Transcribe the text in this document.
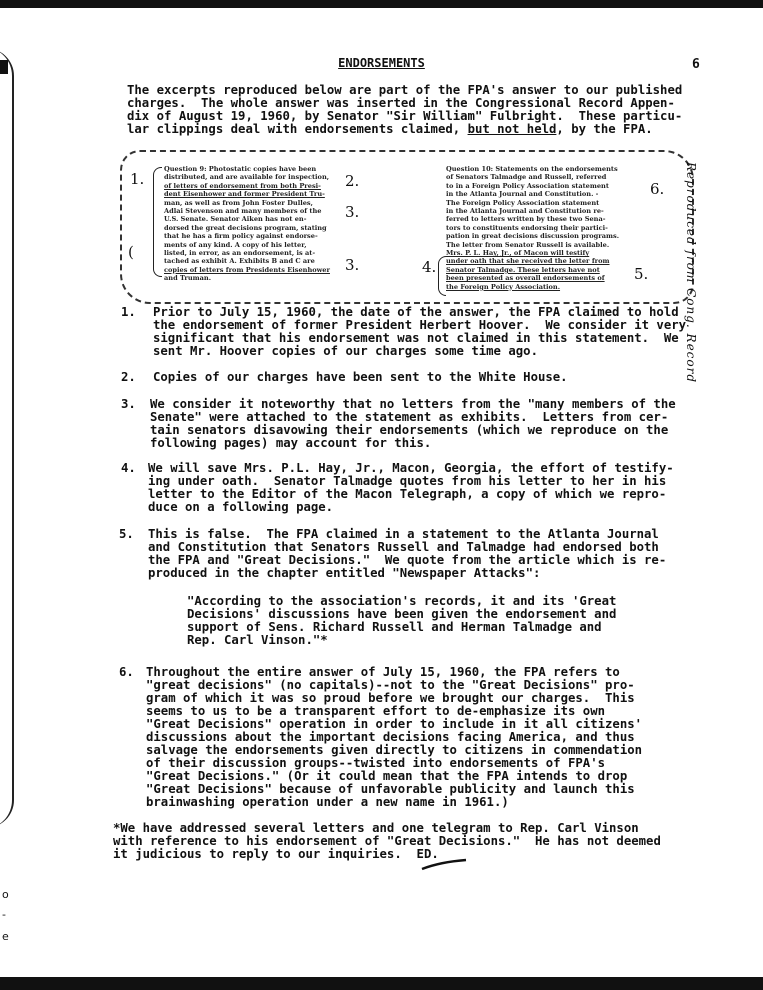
o
-
e
ENDORSEMENTS	6

The excerpts reproduced below are part of the FPA's answer to our published

charges.  The whole answer was inserted in the Congressional Record Appen-

dix of August 19, 1960, by Senator "Sir William" Fulbright.  These particu-

lar clippings deal with endorsements claimed, but not held, by the FPA.

Question 9: Photostatic copies have been

distributed, and are available for inspection,

of letters of endorsement from both Presi-

dent Eisenhower and former President Tru-

man, as well as from John Foster Dulles,

Adlai Stevenson and many members of the

U.S. Senate. Senator Aiken has not en-

dorsed the great decisions program, stating

that he has a firm policy against endorse-

ments of any kind. A copy of his letter,

listed, in error, as an endorsement, is at-

tached as exhibit A. Exhibits B and C are

copies of letters from Presidents Eisenhower

and Truman.

Question 10: Statements on the endorsements

of Senators Talmadge and Russell, referred

to in a Foreign Policy Association statement

in the Atlanta Journal and Constitution. -

The Foreign Policy Association statement

in the Atlanta Journal and Constitution re-

ferred to letters written by these two Sena-

tors to constituents endorsing their partici-

pation in great decisions discussion programs.

The letter from Senator Russell is available.

Mrs. P. L. Hay, Jr., of Macon will testify

under oath that she received the letter from

Senator Talmadge. These letters have not

been presented as overall endorsements of

the Foreign Policy Association.

1.	2.
3.
3.
(
4.	5.
6.	Reproduced from Cong. Record

1. Prior to July 15, 1960, the date of the answer, the FPA claimed to hold

the endorsement of former President Herbert Hoover.  We consider it very

significant that his endorsement was not claimed in this statement.  We

sent Mr. Hoover copies of our charges some time ago.

2. Copies of our charges have been sent to the White House.

3. We consider it noteworthy that no letters from the "many members of the

Senate" were attached to the statement as exhibits.  Letters from cer-

tain senators disavowing their endorsements (which we reproduce on the

following pages) may account for this.

4. We will save Mrs. P.L. Hay, Jr., Macon, Georgia, the effort of testify-

ing under oath.  Senator Talmadge quotes from his letter to her in his

letter to the Editor of the Macon Telegraph, a copy of which we repro-

duce on a following page.

5. This is false.  The FPA claimed in a statement to the Atlanta Journal

and Constitution that Senators Russell and Talmadge had endorsed both

the FPA and "Great Decisions."  We quote from the article which is re-

produced in the chapter entitled "Newspaper Attacks":

"According to the association's records, it and its 'Great

Decisions' discussions have been given the endorsement and

support of Sens. Richard Russell and Herman Talmadge and

Rep. Carl Vinson."*

6. Throughout the entire answer of July 15, 1960, the FPA refers to

"great decisions" (no capitals)--not to the "Great Decisions" pro-

gram of which it was so proud before we brought our charges.  This

seems to us to be a transparent effort to de-emphasize its own

"Great Decisions" operation in order to include in it all citizens'

discussions about the important decisions facing America, and thus

salvage the endorsements given directly to citizens in commendation

of their discussion groups--twisted into endorsements of FPA's

"Great Decisions." (Or it could mean that the FPA intends to drop

"Great Decisions" because of unfavorable publicity and launch this

brainwashing operation under a new name in 1961.)

*We have addressed several letters and one telegram to Rep. Carl Vinson

with reference to his endorsement of "Great Decisions."  He has not deemed

it judicious to reply to our inquiries.  ED.
